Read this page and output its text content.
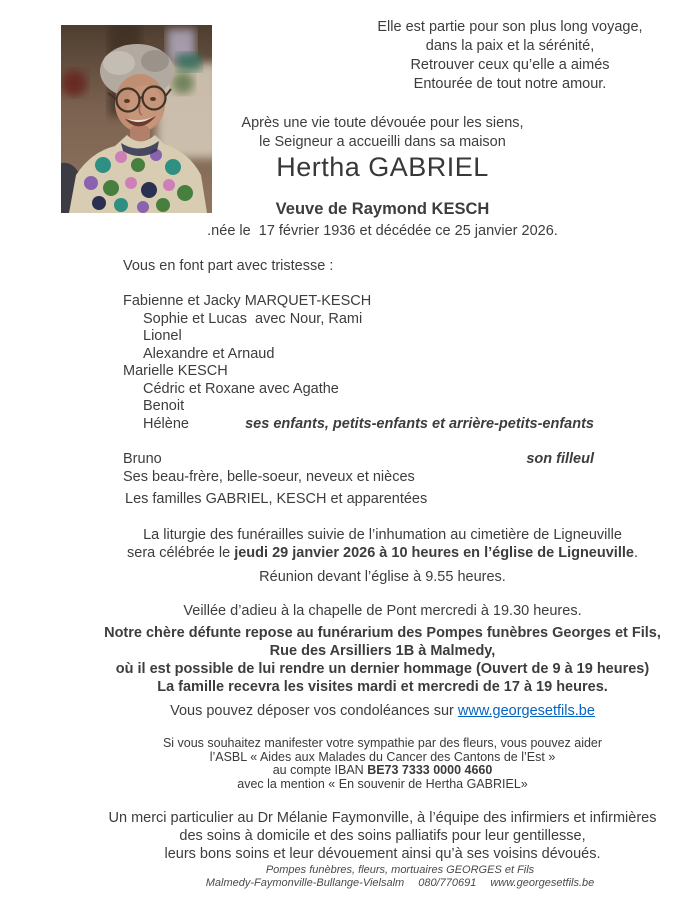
Elle est partie pour son plus long voyage,
dans la paix et la sérénité,
Retrouver ceux qu’elle a aimés
Entourée de tout notre amour.
Après une vie toute dévouée pour les siens,
le Seigneur a accueilli dans sa maison
Hertha GABRIEL
Veuve de Raymond KESCH
.née le  17 février 1936 et décédée ce 25 janvier 2026.
Vous en font part avec tristesse :
Fabienne et Jacky MARQUET-KESCH
Sophie et Lucas  avec Nour, Rami
Lionel
Alexandre et Arnaud
Marielle KESCH
Cédric et Roxane avec Agathe
Benoit
Hélène	ses enfants, petits-enfants et arrière-petits-enfants
Bruno	son filleul
Ses beau-frère, belle-soeur, neveux et nièces
Les familles GABRIEL, KESCH et apparentées
La liturgie des funérailles suivie de l’inhumation au cimetière de Ligneuville
sera célébrée le jeudi 29 janvier 2026 à 10 heures en l’église de Ligneuville.
Réunion devant l’église à 9.55 heures.
Veillée d’adieu à la chapelle de Pont mercredi à 19.30 heures.
Notre chère défunte repose au funérarium des Pompes funèbres Georges et Fils,
Rue des Arsilliers 1B à Malmedy,
où il est possible de lui rendre un dernier hommage (Ouvert de 9 à 19 heures)
La famille recevra les visites mardi et mercredi de 17 à 19 heures.
Vous pouvez déposer vos condoléances sur www.georgesetfils.be
Si vous souhaitez manifester votre sympathie par des fleurs, vous pouvez aider
l’ASBL « Aides aux Malades du Cancer des Cantons de l’Est »
au compte IBAN BE73 7333 0000 4660
avec la mention « En souvenir de Hertha GABRIEL»
Un merci particulier au Dr Mélanie Faymonville, à l’équipe des infirmiers et infirmières
des soins à domicile et des soins palliatifs pour leur gentillesse,
leurs bons soins et leur dévouement ainsi qu’à ses voisins dévoués.
Pompes funèbres, fleurs, mortuaires GEORGES et Fils
Malmedy-Faymonville-Bullange-Vielsalm 080/770691 www.georgesetfils.be
